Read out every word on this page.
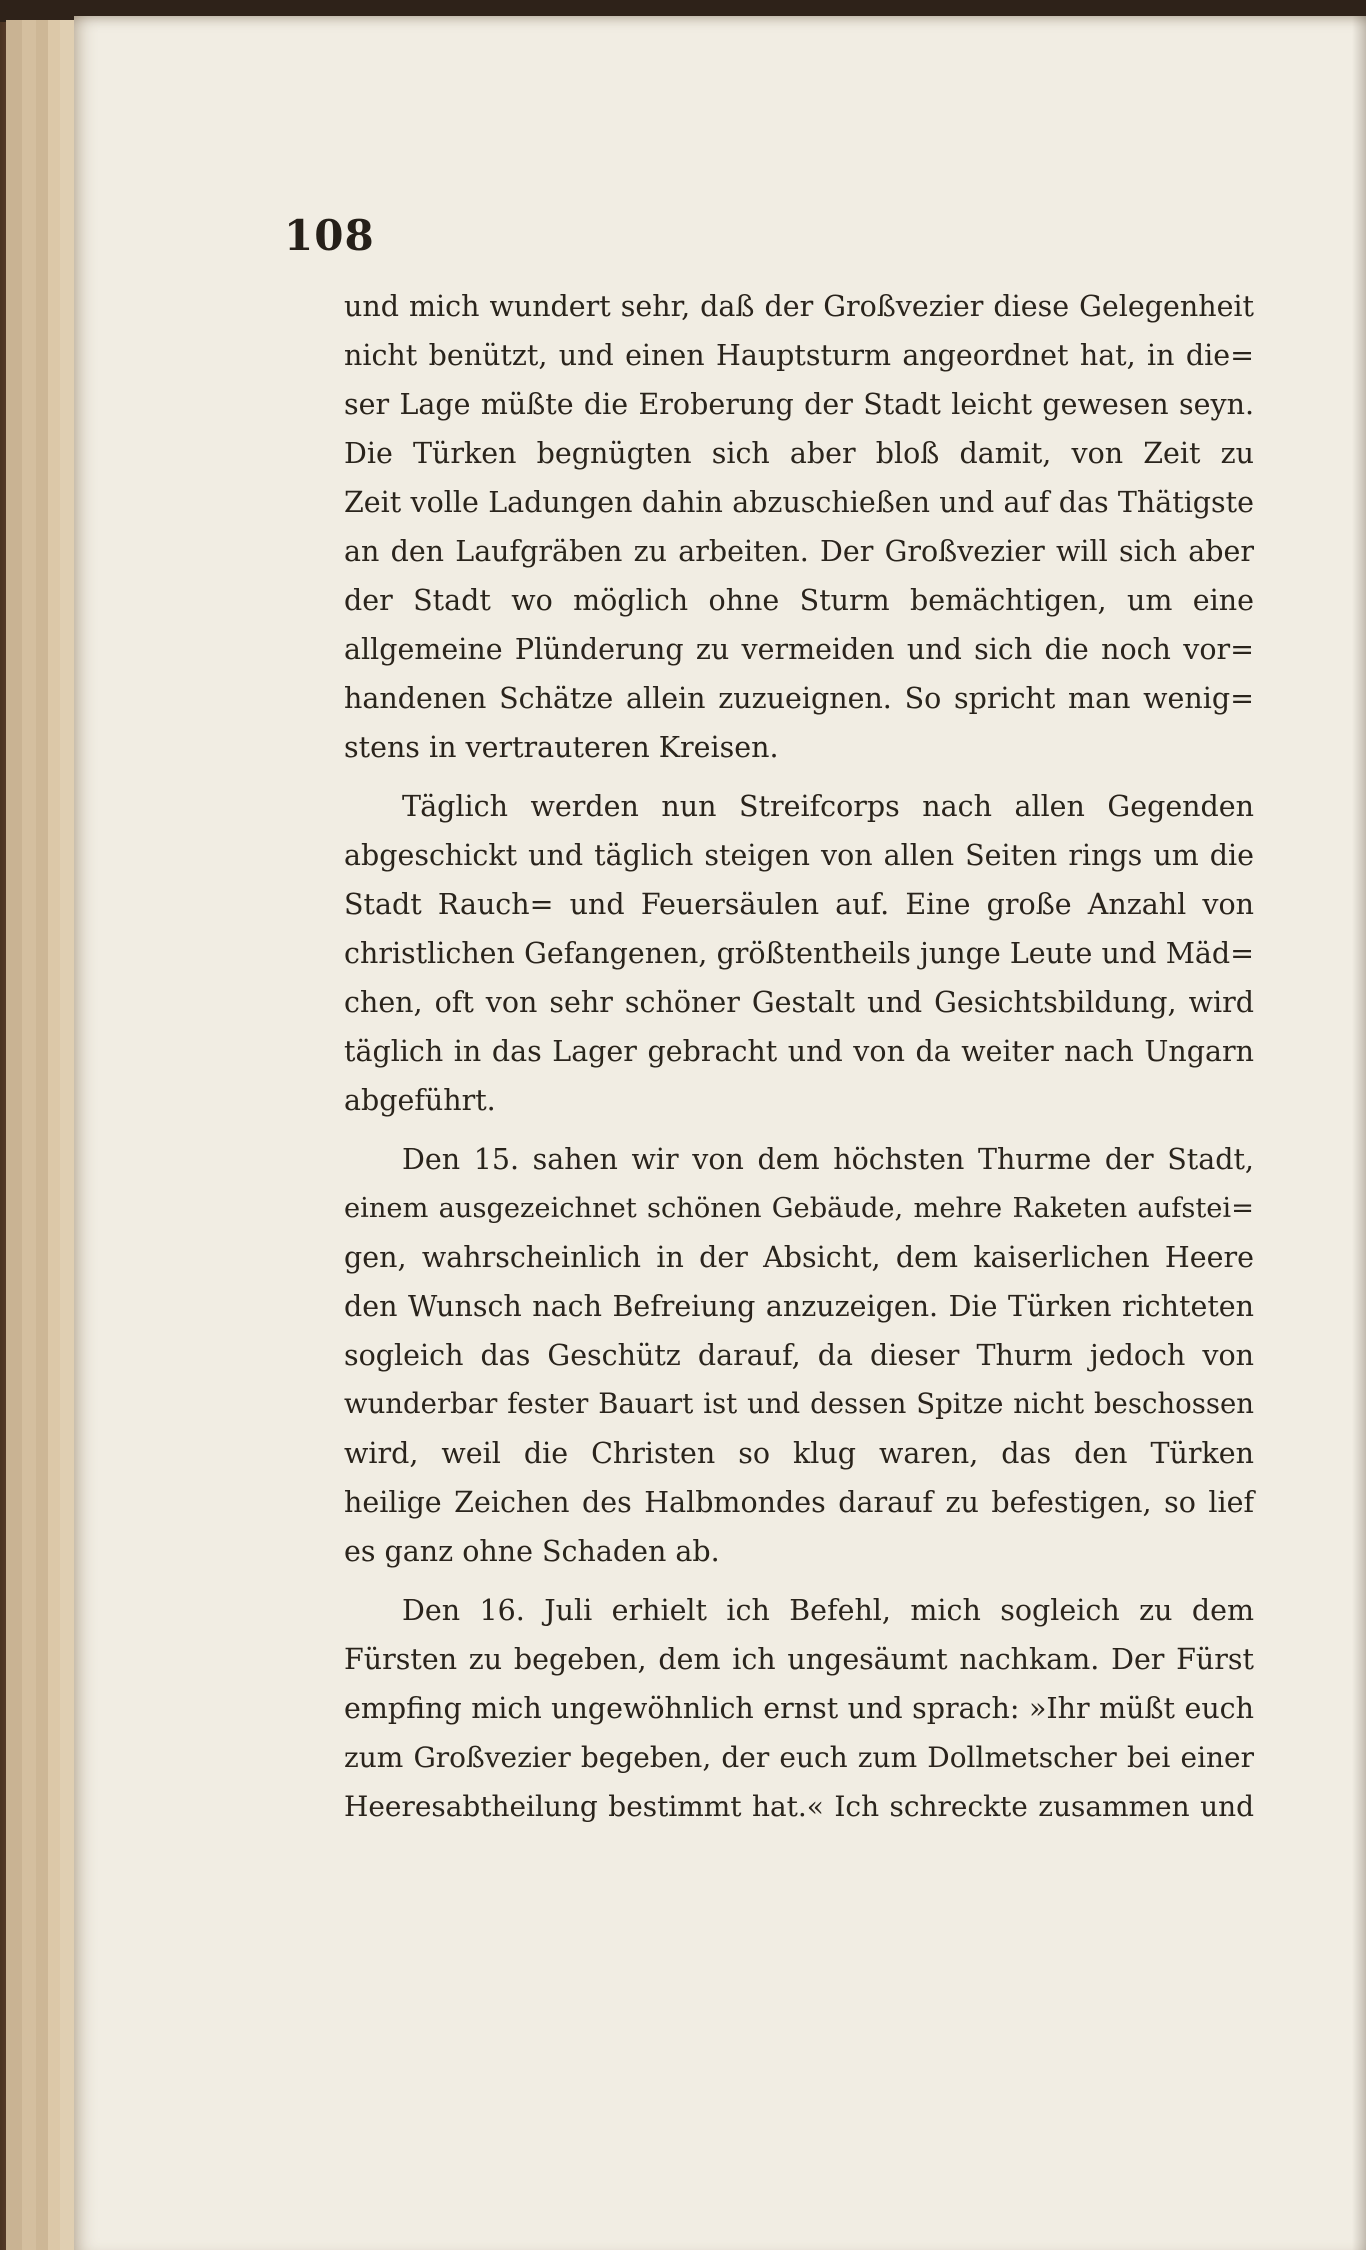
108
und mich wundert sehr, daß der Großvezier diese Gelegenheit
nicht benützt, und einen Hauptsturm angeordnet hat, in die=
ser Lage müßte die Eroberung der Stadt leicht gewesen seyn.
Die Türken begnügten sich aber bloß damit, von Zeit zu
Zeit volle Ladungen dahin abzuschießen und auf das Thätigste
an den Laufgräben zu arbeiten. Der Großvezier will sich aber
der Stadt wo möglich ohne Sturm bemächtigen, um eine
allgemeine Plünderung zu vermeiden und sich die noch vor=
handenen Schätze allein zuzueignen. So spricht man wenig=
stens in vertrauteren Kreisen.
Täglich werden nun Streifcorps nach allen Gegenden
abgeschickt und täglich steigen von allen Seiten rings um die
Stadt Rauch= und Feuersäulen auf. Eine große Anzahl von
christlichen Gefangenen, größtentheils junge Leute und Mäd=
chen, oft von sehr schöner Gestalt und Gesichtsbildung, wird
täglich in das Lager gebracht und von da weiter nach Ungarn
abgeführt.
Den 15. sahen wir von dem höchsten Thurme der Stadt,
einem ausgezeichnet schönen Gebäude, mehre Raketen aufstei=
gen, wahrscheinlich in der Absicht, dem kaiserlichen Heere
den Wunsch nach Befreiung anzuzeigen. Die Türken richteten
sogleich das Geschütz darauf, da dieser Thurm jedoch von
wunderbar fester Bauart ist und dessen Spitze nicht beschossen
wird, weil die Christen so klug waren, das den Türken
heilige Zeichen des Halbmondes darauf zu befestigen, so lief
es ganz ohne Schaden ab.
Den 16. Juli erhielt ich Befehl, mich sogleich zu dem
Fürsten zu begeben, dem ich ungesäumt nachkam. Der Fürst
empfing mich ungewöhnlich ernst und sprach: »Ihr müßt euch
zum Großvezier begeben, der euch zum Dollmetscher bei einer
Heeresabtheilung bestimmt hat.« Ich schreckte zusammen und
